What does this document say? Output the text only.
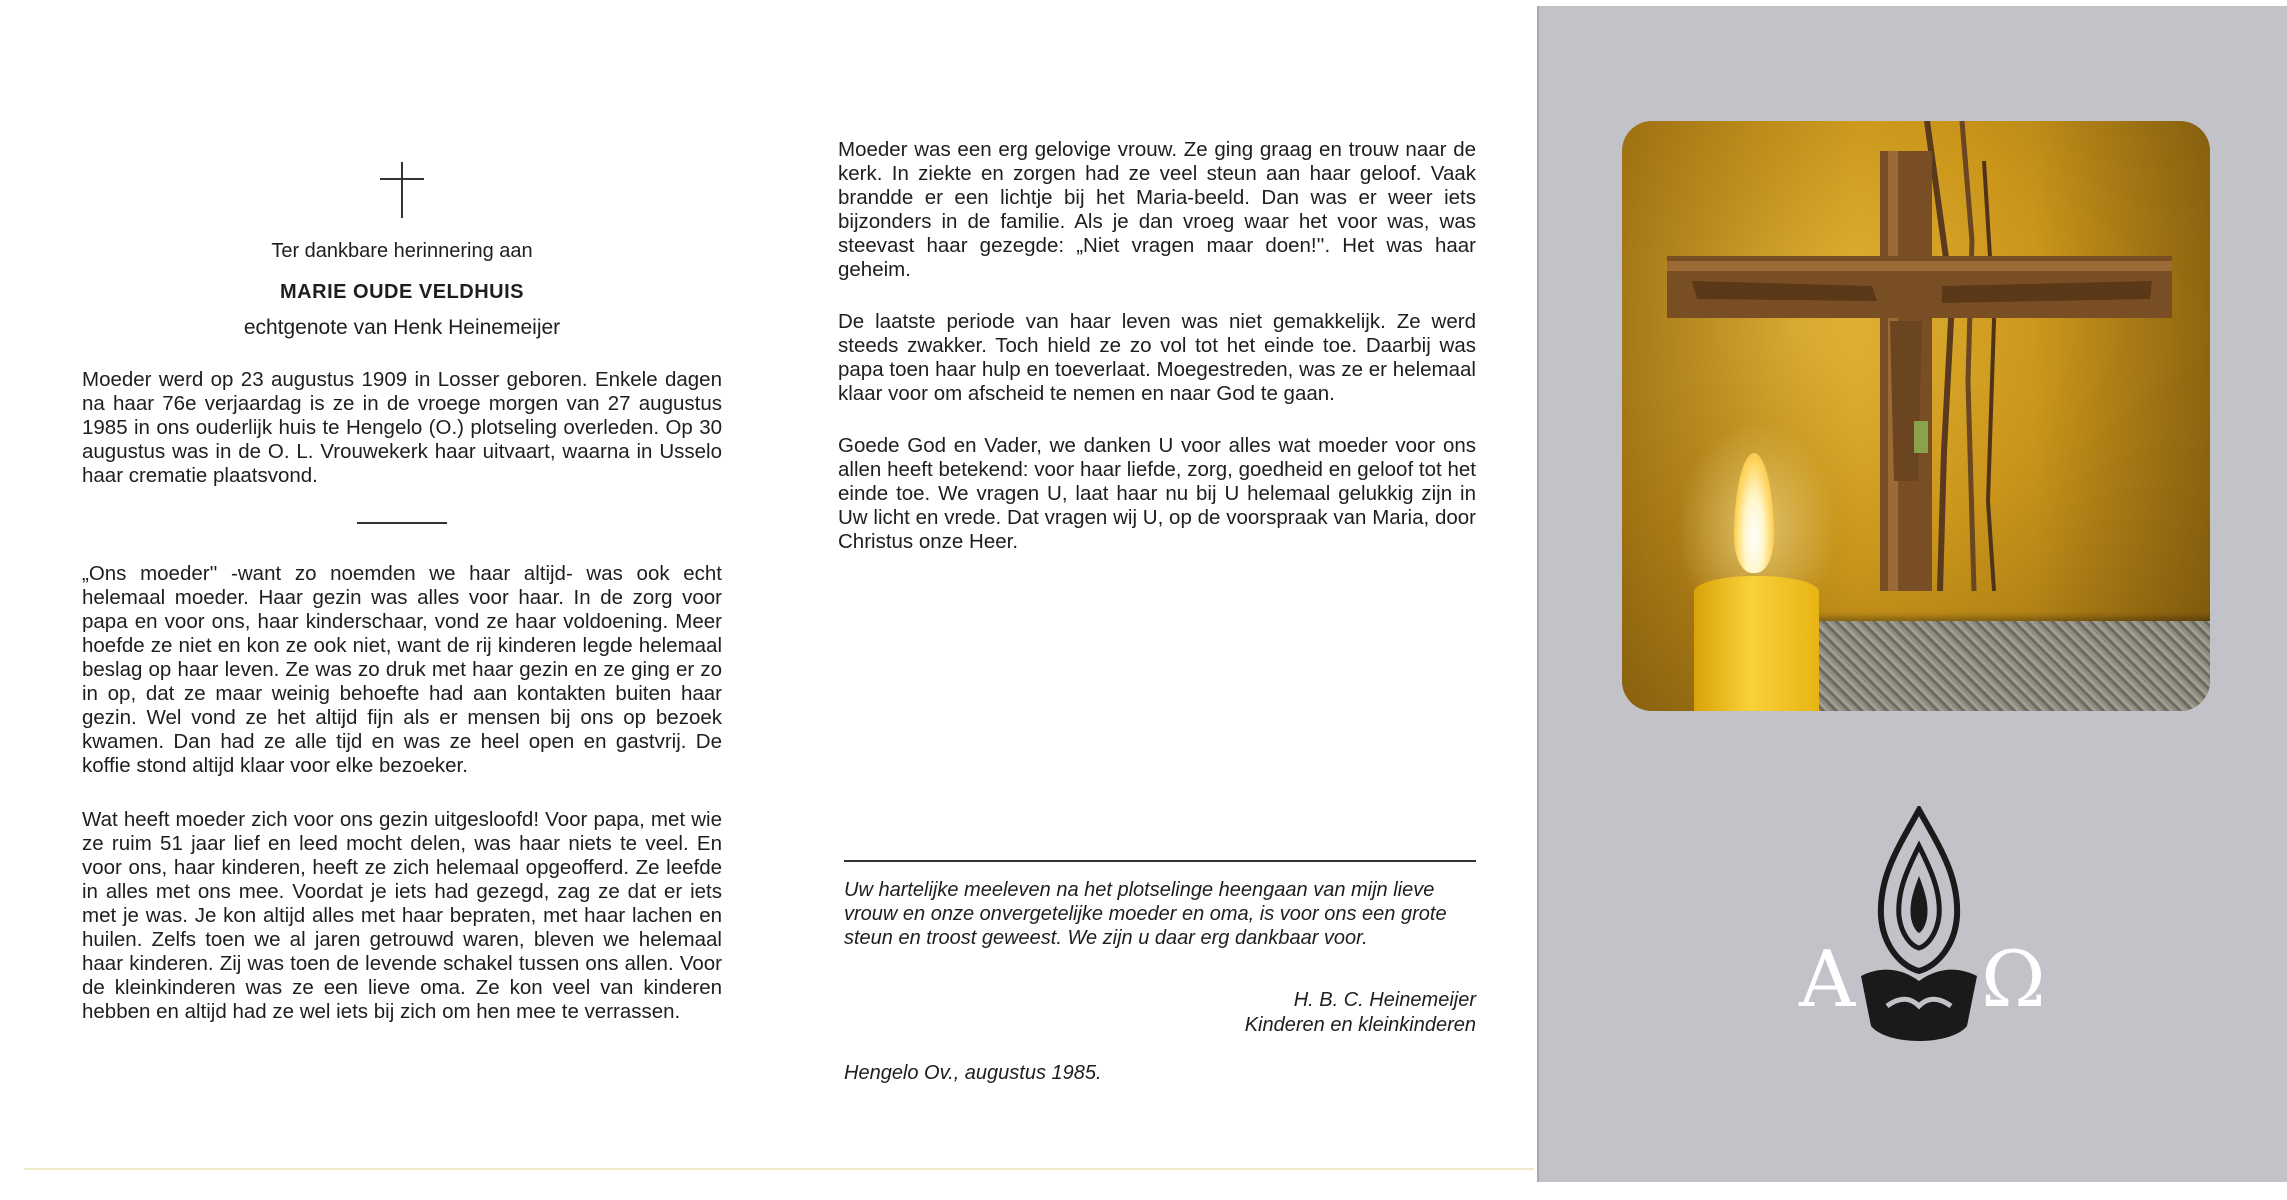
Ter dankbare herinnering aan
MARIE OUDE VELDHUIS
echtgenote van Henk Heinemeijer

Moeder werd op 23 augustus 1909 in Losser geboren. Enkele dagen na haar 76e verjaardag is ze in de vroege morgen van 27 augustus 1985 in ons ouderlijk huis te Hengelo (O.) plotseling overleden. Op 30 augustus was in de O. L. Vrouwekerk haar uitvaart, waarna in Usselo haar crematie plaatsvond.

„Ons moeder'' -want zo noemden we haar altijd- was ook echt helemaal moeder. Haar gezin was alles voor haar. In de zorg voor papa en voor ons, haar kinderschaar, vond ze haar voldoening. Meer hoefde ze niet en kon ze ook niet, want de rij kinderen legde helemaal beslag op haar leven. Ze was zo druk met haar gezin en ze ging er zo in op, dat ze maar weinig behoefte had aan kontakten buiten haar gezin. Wel vond ze het altijd fijn als er mensen bij ons op bezoek kwamen. Dan had ze alle tijd en was ze heel open en gastvrij. De koffie stond altijd klaar voor elke bezoeker.

Wat heeft moeder zich voor ons gezin uitgesloofd! Voor papa, met wie ze ruim 51 jaar lief en leed mocht delen, was haar niets te veel. En voor ons, haar kinderen, heeft ze zich helemaal opgeofferd. Ze leefde in alles met ons mee. Voordat je iets had gezegd, zag ze dat er iets met je was. Je kon altijd alles met haar bepraten, met haar lachen en huilen. Zelfs toen we al jaren getrouwd waren, bleven we helemaal haar kinderen. Zij was toen de levende schakel tussen ons allen. Voor de kleinkinderen was ze een lieve oma. Ze kon veel van kinderen hebben en altijd had ze wel iets bij zich om hen mee te verrassen.

Moeder was een erg gelovige vrouw. Ze ging graag en trouw naar de kerk. In ziekte en zorgen had ze veel steun aan haar geloof. Vaak brandde er een lichtje bij het Maria-beeld. Dan was er weer iets bijzonders in de familie. Als je dan vroeg waar het voor was, was steevast haar gezegde: „Niet vragen maar doen!''. Het was haar geheim.

De laatste periode van haar leven was niet gemakkelijk. Ze werd steeds zwakker. Toch hield ze zo vol tot het einde toe. Daarbij was papa toen haar hulp en toeverlaat. Moegestreden, was ze er helemaal klaar voor om afscheid te nemen en naar God te gaan.

Goede God en Vader, we danken U voor alles wat moeder voor ons allen heeft betekend: voor haar liefde, zorg, goedheid en geloof tot het einde toe. We vragen U, laat haar nu bij U helemaal gelukkig zijn in Uw licht en vrede. Dat vragen wij U, op de voorspraak van Maria, door Christus onze Heer.

Uw hartelijke meeleven na het plotselinge heengaan van mijn lieve vrouw en onze onvergetelijke moeder en oma, is voor ons een grote steun en troost geweest. We zijn u daar erg dankbaar voor.
H. B. C. Heinemeijer
Kinderen en kleinkinderen
Hengelo Ov., augustus 1985.
A Ω
